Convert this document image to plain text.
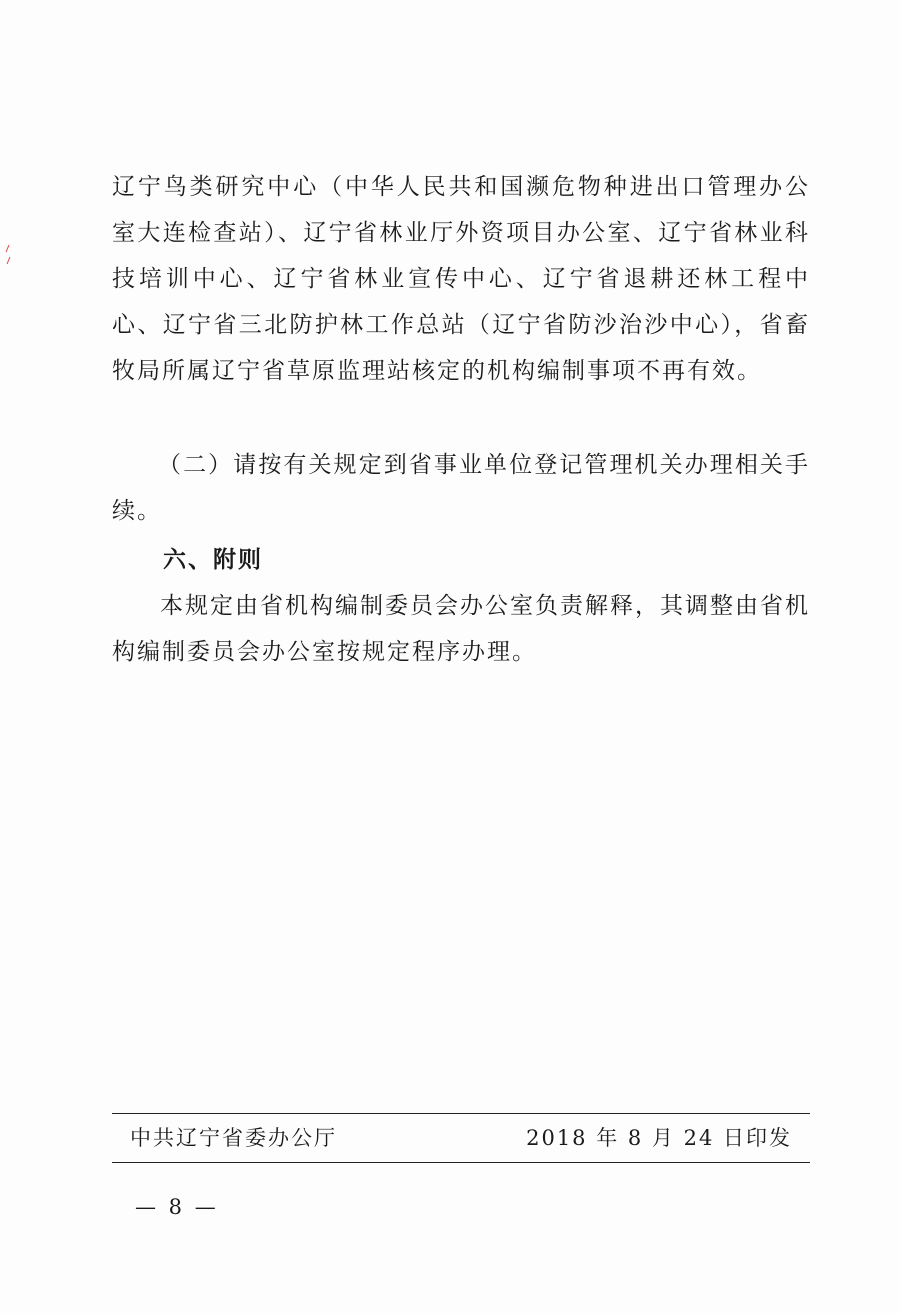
辽宁鸟类研究中心（中华人民共和国濒危物种进出口管理办公室大连检查站）、辽宁省林业厅外资项目办公室、辽宁省林业科技培训中心、辽宁省林业宣传中心、辽宁省退耕还林工程中心、辽宁省三北防护林工作总站（辽宁省防沙治沙中心），省畜牧局所属辽宁省草原监理站核定的机构编制事项不再有效。

（二）请按有关规定到省事业单位登记管理机关办理相关手续。

六、附则

本规定由省机构编制委员会办公室负责解释，其调整由省机构编制委员会办公室按规定程序办理。

中共辽宁省委办公厅	2018 年 8 月 24 日印发
— 8 —
